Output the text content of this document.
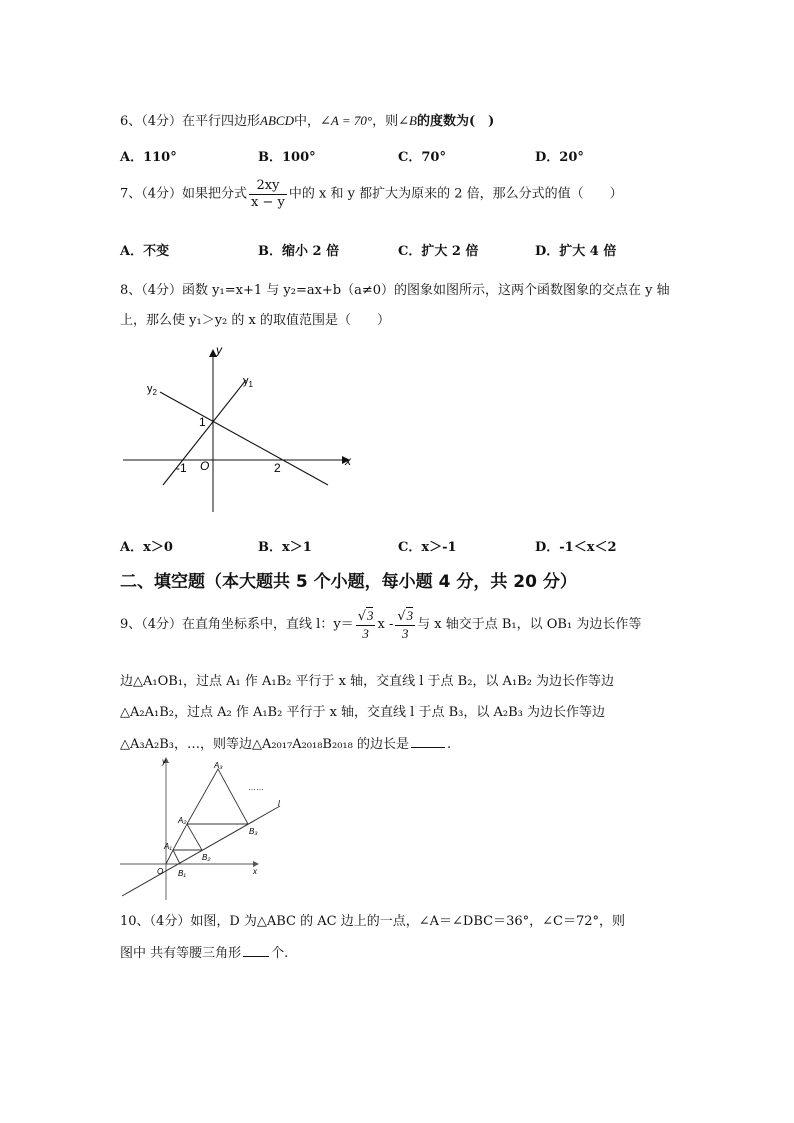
6、（4分）在平行四边形ABCD中，∠A = 70°，则∠B的度数为(　)
A．110°	B．100°	C．70°	D．20°
7、（4分）如果把分式 $\frac{2xy}{x - y}$ 中的 x 和 y 都扩大为原来的 2 倍，那么分式的值（　　）
A．不变	B．缩小 2 倍	C．扩大 2 倍	D．扩大 4 倍
8、（4分）函数 y₁=x+1 与 y₂=ax+b（a≠0）的图象如图所示，这两个函数图象的交点在 y 轴
上，那么使 y₁＞y₂ 的 x 的取值范围是（　　）
y
x
O
$y_1$
$y_2$
1
-1	2
A．x＞0	B．x＞1	C．x＞-1	D．-1＜x＜2
二、填空题（本大题共 5 个小题，每小题 4 分，共 20 分）
9、（4分）在直角坐标系中，直线 l：$y= \frac{√3}{3}$ x - $\frac{√3}{3}$ 与 x 轴交于点 B₁，以 OB₁ 为边长作等
边△A₁OB₁，过点 A₁ 作 A₁B₂ 平行于 x 轴，交直线 l 于点 B₂，以 A₁B₂ 为边长作等边
△A₂A₁B₂，过点 A₂ 作 A₁B₂ 平行于 x 轴，交直线 l 于点 B₃，以 A₂B₃ 为边长作等边
△A₃A₂B₃，…，则等边△A₂₀₁₇A₂₀₁₈B₂₀₁₈ 的边长是	.
y
x
O
l
A₁
A₂
A₃
B₁
B₂
B₃
……
10、（4分）如图，D 为△ABC 的 AC 边上的一点，∠A＝∠DBC＝36°，∠C＝72°，则
图中 共有等腰三角形 个.
